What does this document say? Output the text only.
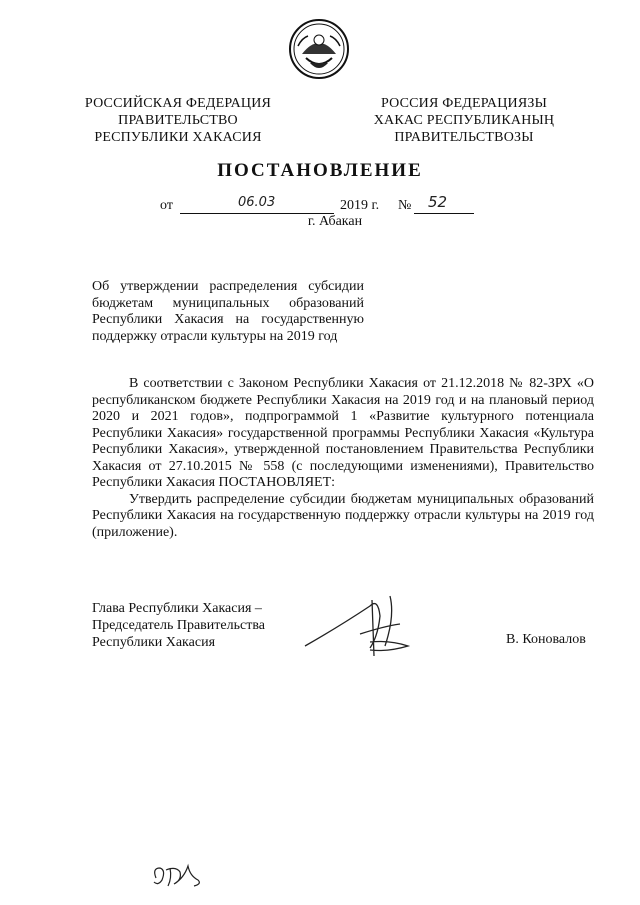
РОССИЙСКАЯ ФЕДЕРАЦИЯ
ПРАВИТЕЛЬСТВО
РЕСПУБЛИКИ ХАКАСИЯ
РОССИЯ ФЕДЕРАЦИЯЗЫ
ХАКАС РЕСПУБЛИКАНЫҢ
ПРАВИТЕЛЬСТВОЗЫ
ПОСТАНОВЛЕНИЕ
от	06.03	2019 г. № 52
г. Абакан
Об утверждении распределения субсидии бюджетам муниципальных образований Республики Хакасия на государственную поддержку отрасли культуры на 2019 год

В соответствии с Законом Республики Хакасия от 21.12.2018 № 82-ЗРХ «О республиканском бюджете Республики Хакасия на 2019 год и на плановый период 2020 и 2021 годов», подпрограммой 1 «Развитие культурного потенциала Республики Хакасия» государственной программы Республики Хакасия «Культура Республики Хакасия», утвержденной постановлением Правительства Республики Хакасия от 27.10.2015 № 558 (с последующими изменениями), Правительство Республики Хакасия ПОСТАНОВЛЯЕТ:

Утвердить распределение субсидии бюджетам муниципальных образований Республики Хакасия на государственную поддержку отрасли культуры на 2019 год (приложение).

Глава Республики Хакасия –
Председатель Правительства
Республики Хакасия	В. Коновалов
